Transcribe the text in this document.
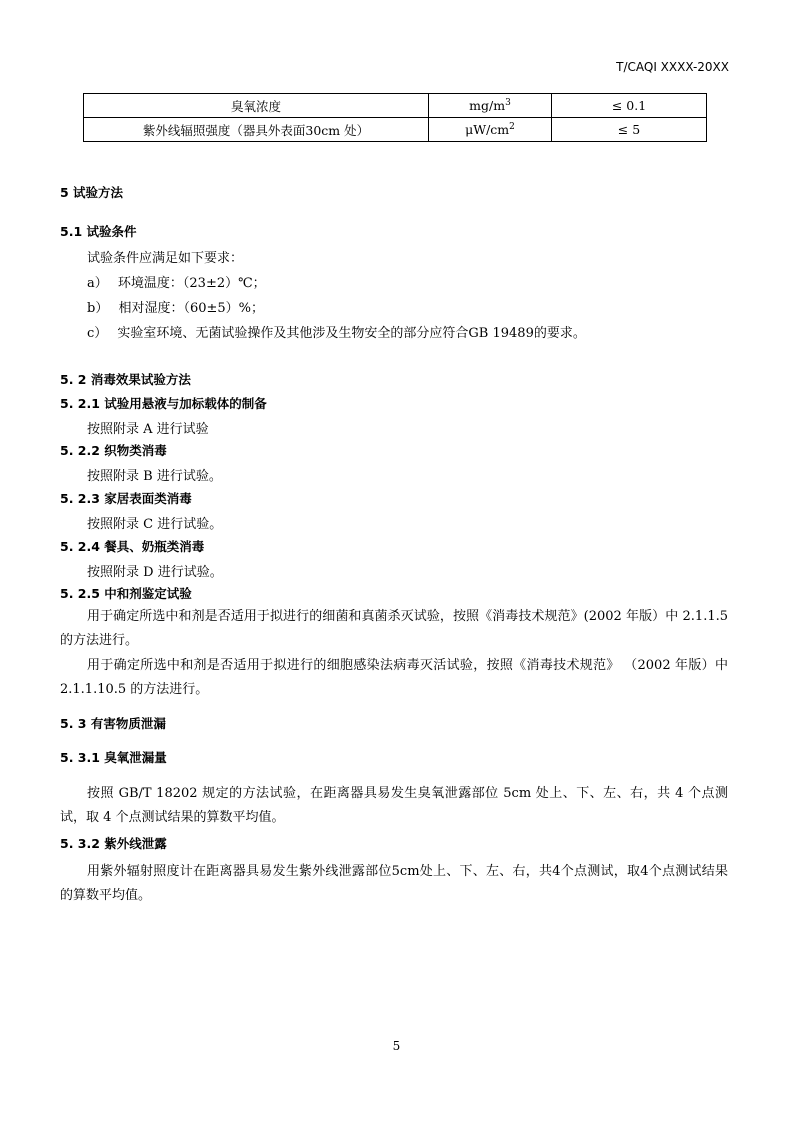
T/CAQI XXXX-20XX
臭氧浓度	$mg/m^3$	≤ 0.1
紫外线辐照强度（器具外表面30cm 处）	$\mu W/cm^2$	≤ 5
5 试验方法
5.1 试验条件
试验条件应满足如下要求：
a） 环境温度：（23±2）℃；
b） 相对湿度：（60±5）%；
c） 实验室环境、无菌试验操作及其他涉及生物安全的部分应符合GB 19489的要求。
5. 2 消毒效果试验方法
5. 2.1 试验用悬液与加标载体的制备
按照附录 A 进行试验
5. 2.2 织物类消毒
按照附录 B 进行试验。
5. 2.3 家居表面类消毒
按照附录 C 进行试验。
5. 2.4 餐具、奶瓶类消毒
按照附录 D 进行试验。
5. 2.5 中和剂鉴定试验
用于确定所选中和剂是否适用于拟进行的细菌和真菌杀灭试验，按照《消毒技术规范》(2002 年版）中 2.1.1.5 的方法进行。
用于确定所选中和剂是否适用于拟进行的细胞感染法病毒灭活试验，按照《消毒技术规范》 （2002 年版）中 2.1.1.10.5 的方法进行。
5. 3 有害物质泄漏
5. 3.1 臭氧泄漏量
按照 GB/T 18202 规定的方法试验，在距离器具易发生臭氧泄露部位 5cm 处上、下、左、右，共 4 个点测试，取 4 个点测试结果的算数平均值。
5. 3.2 紫外线泄露
用紫外辐射照度计在距离器具易发生紫外线泄露部位5cm处上、下、左、右，共4个点测试，取4个点测试结果的算数平均值。
5
